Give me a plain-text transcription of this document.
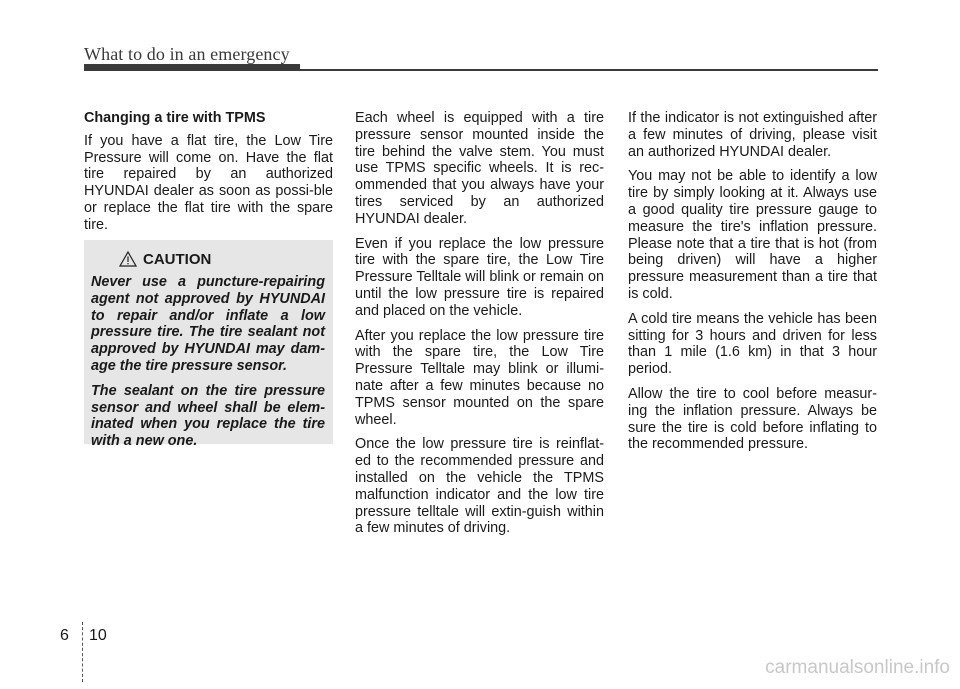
What to do in an emergency

Changing a tire with TPMS

If you have a flat tire, the Low Tire Pressure will come on. Have the flat tire repaired by an authorized HYUNDAI dealer as soon as possi-ble or replace the flat tire with the spare tire.

CAUTION

Never use a puncture-repairing agent not approved by HYUNDAI to repair and/or inflate a low pressure tire. The tire sealant not approved by HYUNDAI may dam-age the tire pressure sensor.

The sealant on the tire pressure sensor and wheel shall be elem-inated when you replace the tire with a new one.

Each wheel is equipped with a tire pressure sensor mounted inside the tire behind the valve stem. You must use TPMS specific wheels. It is rec-ommended that you always have your tires serviced by an authorized HYUNDAI dealer.

Even if you replace the low pressure tire with the spare tire, the Low Tire Pressure Telltale will blink or remain on until the low pressure tire is repaired and placed on the vehicle.

After you replace the low pressure tire with the spare tire, the Low Tire Pressure Telltale may blink or illumi-nate after a few minutes because no TPMS sensor mounted on the spare wheel.

Once the low pressure tire is reinflat-ed to the recommended pressure and installed on the vehicle the TPMS malfunction indicator and the low tire pressure telltale will extin-guish within a few minutes of driving.

If the indicator is not extinguished after a few minutes of driving, please visit an authorized HYUNDAI dealer.

You may not be able to identify a low tire by simply looking at it. Always use a good quality tire pressure gauge to measure the tire's inflation pressure. Please note that a tire that is hot (from being driven) will have a higher pressure measurement than a tire that is cold.

A cold tire means the vehicle has been sitting for 3 hours and driven for less than 1 mile (1.6 km) in that 3 hour period.

Allow the tire to cool before measur-ing the inflation pressure. Always be sure the tire is cold before inflating to the recommended pressure.

6 10
carmanualsonline.info
